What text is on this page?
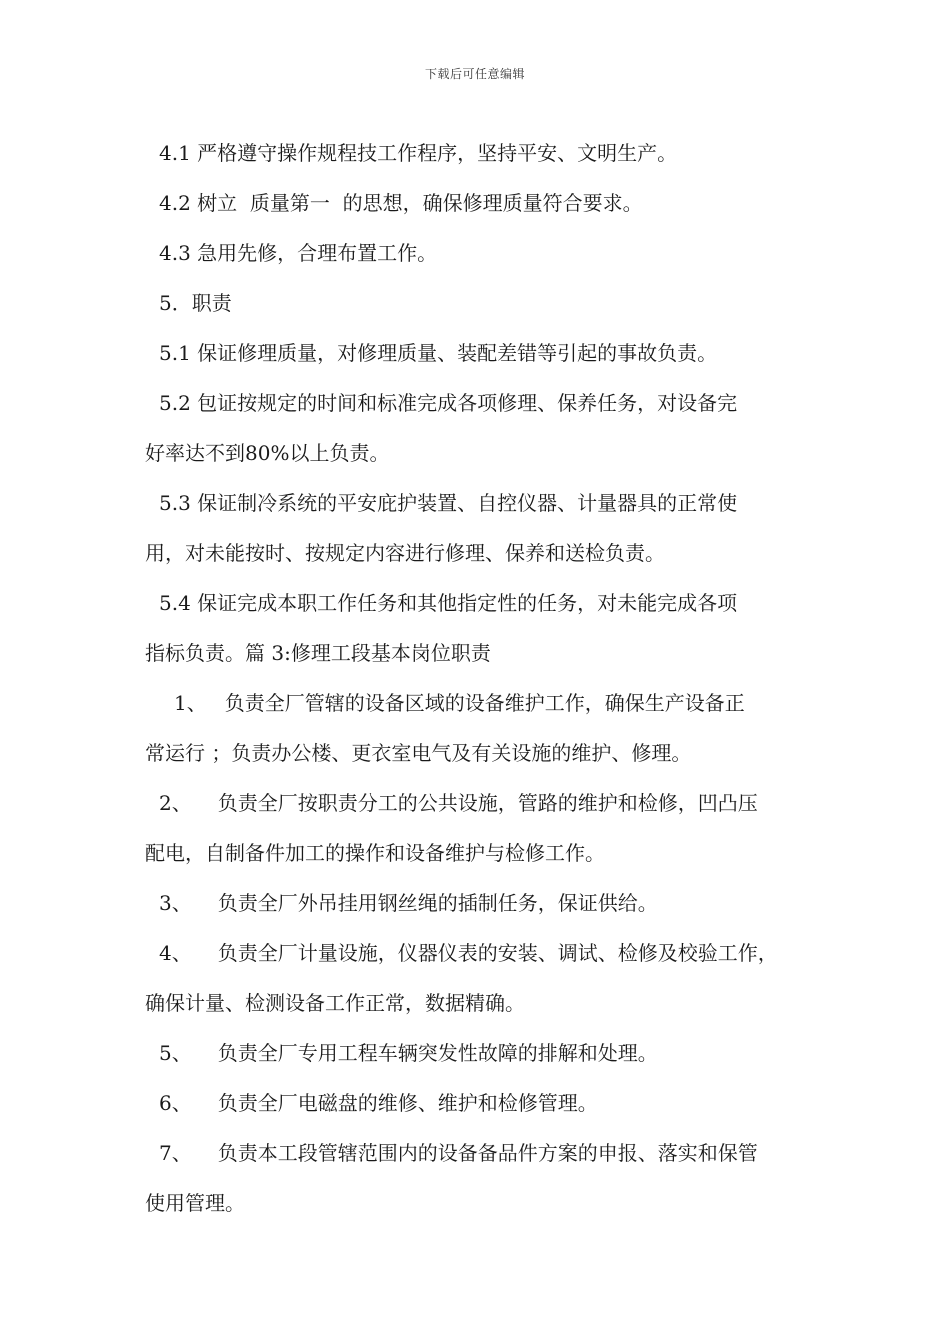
下载后可任意编辑
4.1 严格遵守操作规程技工作程序，坚持平安、文明生产。
4.2 树立  质量第一  的思想，确保修理质量符合要求。
4.3 急用先修，合理布置工作。
5．职责
5.1 保证修理质量，对修理质量、装配差错等引起的事故负责。
5.2 包证按规定的时间和标准完成各项修理、保养任务，对设备完
好率达不到80%以上负责。
5.3 保证制冷系统的平安庇护装置、自控仪器、计量器具的正常使
用，对未能按时、按规定内容进行修理、保养和送检负责。
5.4 保证完成本职工作任务和其他指定性的任务，对未能完成各项
指标负责。篇 3:修理工段基本岗位职责
1、 负责全厂管辖的设备区域的设备维护工作，确保生产设备正
常运行 ；负责办公楼、更衣室电气及有关设施的维护、修理。
2、 负责全厂按职责分工的公共设施，管路的维护和检修，凹凸压
配电，自制备件加工的操作和设备维护与检修工作。
3、 负责全厂外吊挂用钢丝绳的插制任务，保证供给。
4、 负责全厂计量设施，仪器仪表的安装、调试、检修及校验工作，
确保计量、检测设备工作正常，数据精确。
5、 负责全厂专用工程车辆突发性故障的排解和处理。
6、 负责全厂电磁盘的维修、维护和检修管理。
7、 负责本工段管辖范围内的设备备品件方案的申报、落实和保管
使用管理。
